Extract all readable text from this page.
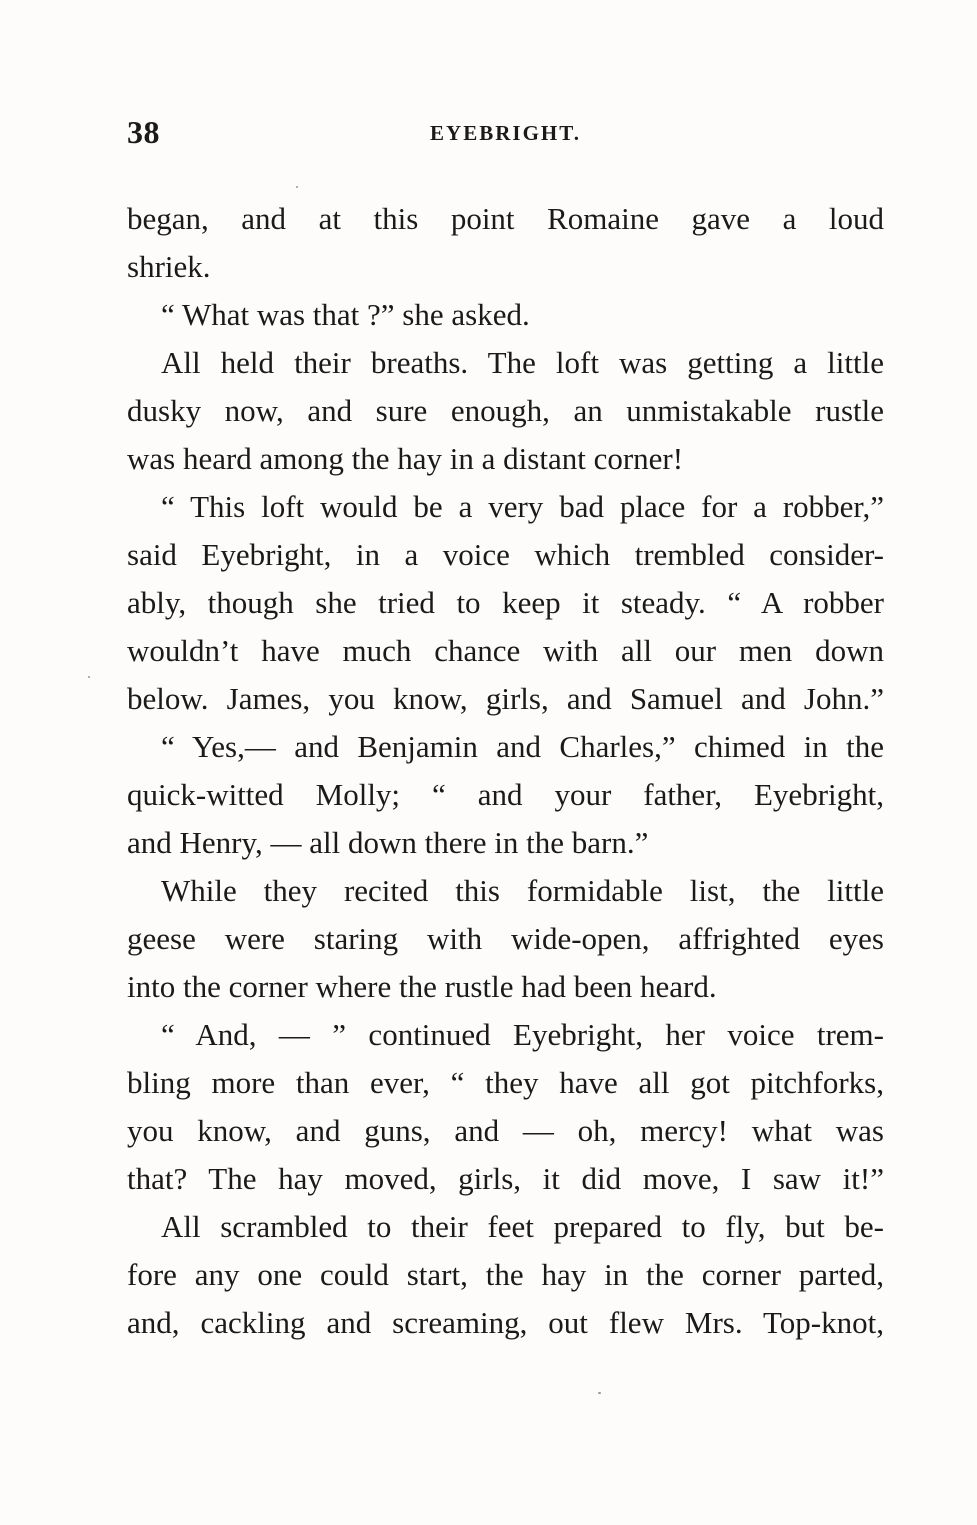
38	EYEBRIGHT.
began, and at this point Romaine gave a loud
shriek.
“ What was that ?” she asked.
All held their breaths. The loft was getting a little
dusky now, and sure enough, an unmistakable rustle
was heard among the hay in a distant corner!
“ This loft would be a very bad place for a robber,”
said Eyebright, in a voice which trembled consider-
ably, though she tried to keep it steady. “ A robber
wouldn’t have much chance with all our men down
below. James, you know, girls, and Samuel and John.”
“ Yes,— and Benjamin and Charles,” chimed in the
quick-witted Molly; “ and your father, Eyebright,
and Henry, — all down there in the barn.”
While they recited this formidable list, the little
geese were staring with wide-open, affrighted eyes
into the corner where the rustle had been heard.
“ And, — ” continued Eyebright, her voice trem-
bling more than ever, “ they have all got pitchforks,
you know, and guns, and — oh, mercy! what was
that? The hay moved, girls, it did move, I saw it!”
All scrambled to their feet prepared to fly, but be-
fore any one could start, the hay in the corner parted,
and, cackling and screaming, out flew Mrs. Top-knot,
